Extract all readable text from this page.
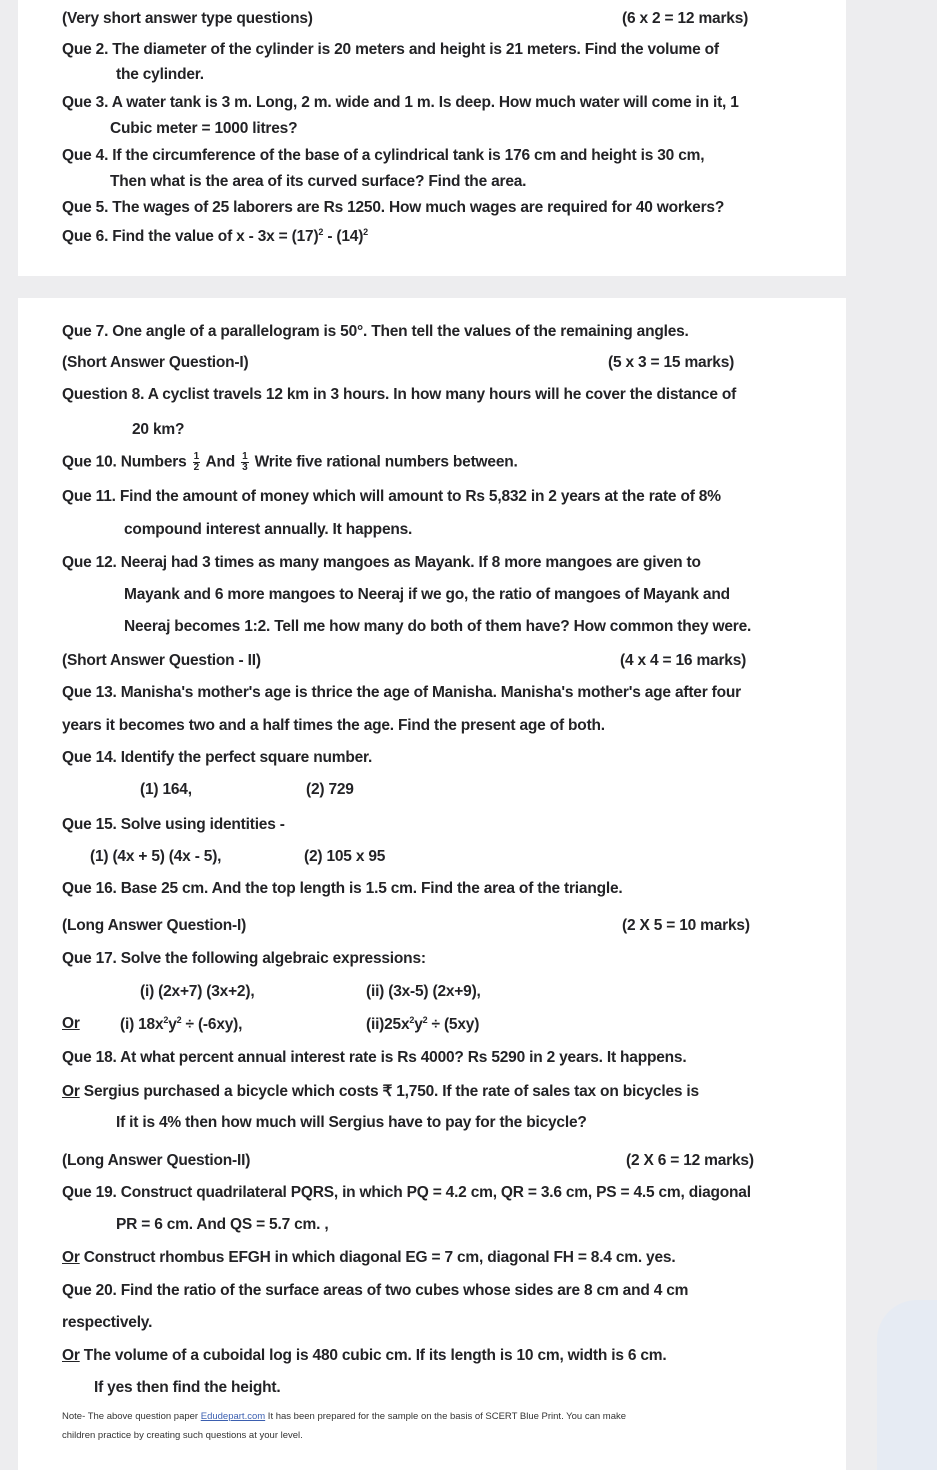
(Very short answer type questions)	(6 x 2 = 12 marks)
Que 2. The diameter of the cylinder is 20 meters and height is 21 meters. Find the volume of
the cylinder.
Que 3. A water tank is 3 m. Long, 2 m. wide and 1 m. Is deep. How much water will come in it, 1
Cubic meter = 1000 litres?
Que 4. If the circumference of the base of a cylindrical tank is 176 cm and height is 30 cm,
Then what is the area of its curved surface? Find the area.
Que 5. The wages of 25 laborers are Rs 1250. How much wages are required for 40 workers?
Que 6. Find the value of $x - 3x = (17)^2 - (14)^2$
Que 7. One angle of a parallelogram is 50°. Then tell the values of the remaining angles.
(Short Answer Question-I)	(5 x 3 = 15 marks)
Question 8. A cyclist travels 12 km in 3 hours. In how many hours will he cover the distance of
20 km?
Que 10. Numbers $\frac{1}{2}$ And $\frac{1}{3}$ Write five rational numbers between.
Que 11. Find the amount of money which will amount to Rs 5,832 in 2 years at the rate of 8%
compound interest annually. It happens.
Que 12. Neeraj had 3 times as many mangoes as Mayank. If 8 more mangoes are given to
Mayank and 6 more mangoes to Neeraj if we go, the ratio of mangoes of Mayank and
Neeraj becomes 1:2. Tell me how many do both of them have? How common they were.
(Short Answer Question - II)	(4 x 4 = 16 marks)
Que 13. Manisha's mother's age is thrice the age of Manisha. Manisha's mother's age after four
years it becomes two and a half times the age. Find the present age of both.
Que 14. Identify the perfect square number.
(1) 164,	(2) 729
Que 15. Solve using identities -
(1) (4x + 5) (4x - 5),	(2) 105 x 95
Que 16. Base 25 cm. And the top length is 1.5 cm. Find the area of the triangle.
(Long Answer Question-I)	(2 X 5 = 10 marks)
Que 17. Solve the following algebraic expressions:
(i) (2x+7) (3x+2),	(ii) (3x-5) (2x+9),
Or	(i) $18x^2y^2 \div (-6xy)$,	$(ii)25x^2y^2 \div (5xy)$
Que 18. At what percent annual interest rate is Rs 4000? Rs 5290 in 2 years. It happens.
Or Sergius purchased a bicycle which costs ₹ 1,750. If the rate of sales tax on bicycles is
If it is 4% then how much will Sergius have to pay for the bicycle?
(Long Answer Question-II)	(2 X 6 = 12 marks)
Que 19. Construct quadrilateral PQRS, in which PQ = 4.2 cm, QR = 3.6 cm, PS = 4.5 cm, diagonal
PR = 6 cm. And QS = 5.7 cm. ,
Or Construct rhombus EFGH in which diagonal EG = 7 cm, diagonal FH = 8.4 cm. yes.
Que 20. Find the ratio of the surface areas of two cubes whose sides are 8 cm and 4 cm
respectively.
Or The volume of a cuboidal log is 480 cubic cm. If its length is 10 cm, width is 6 cm.
If yes then find the height.
Note- The above question paper Edudepart.com It has been prepared for the sample on the basis of SCERT Blue Print. You can make
children practice by creating such questions at your level.
